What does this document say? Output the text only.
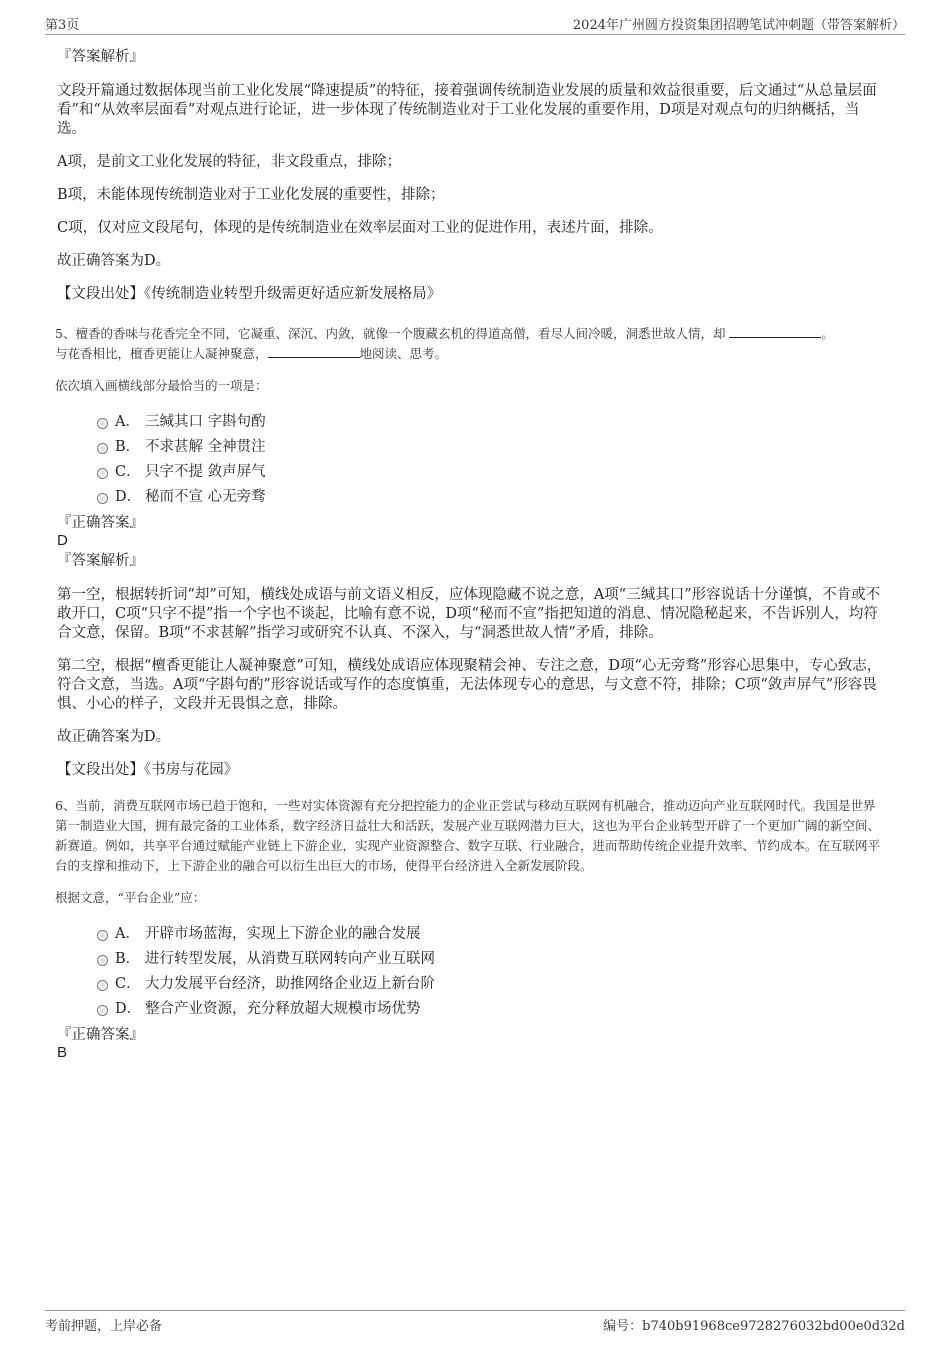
第3页	2024年广州圆方投资集团招聘笔试冲刺题（带答案解析）

『答案解析』

文段开篇通过数据体现当前工业化发展“降速提质”的特征，接着强调传统制造业发展的质量和效益很重要，后文通过“从总量层面看”和“从效率层面看”对观点进行论证，进一步体现了传统制造业对于工业化发展的重要作用，D项是对观点句的归纳概括，当选。

A项，是前文工业化发展的特征，非文段重点，排除；

B项，未能体现传统制造业对于工业化发展的重要性，排除；

C项，仅对应文段尾句，体现的是传统制造业在效率层面对工业的促进作用，表述片面，排除。

故正确答案为D。

【文段出处】《传统制造业转型升级需更好适应新发展格局》

5、檀香的香味与花香完全不同，它凝重、深沉、内敛，就像一个腹藏玄机的得道高僧，看尽人间冷暖，洞悉世故人情，却	。
与花香相比，檀香更能让人凝神聚意，	地阅读、思考。

依次填入画横线部分最恰当的一项是：

A． 三缄其口 字斟句酌
B． 不求甚解 全神贯注
C． 只字不提 敛声屏气
D． 秘而不宣 心无旁骛

『正确答案』

D

『答案解析』

第一空，根据转折词“却”可知，横线处成语与前文语义相反，应体现隐藏不说之意，A项“三缄其口”形容说话十分谨慎，不肯或不敢开口，C项“只字不提”指一个字也不谈起，比喻有意不说，D项“秘而不宣”指把知道的消息、情况隐秘起来，不告诉别人，均符合文意，保留。B项“不求甚解”指学习或研究不认真、不深入，与“洞悉世故人情”矛盾，排除。

第二空，根据“檀香更能让人凝神聚意”可知，横线处成语应体现聚精会神、专注之意，D项“心无旁骛”形容心思集中，专心致志，符合文意，当选。A项“字斟句酌”形容说话或写作的态度慎重，无法体现专心的意思，与文意不符，排除；C项“敛声屏气”形容畏惧、小心的样子，文段并无畏惧之意，排除。

故正确答案为D。

【文段出处】《书房与花园》

6、当前，消费互联网市场已趋于饱和，一些对实体资源有充分把控能力的企业正尝试与移动互联网有机融合，推动迈向产业互联网时代。我国是世界第一制造业大国，拥有最完备的工业体系，数字经济日益壮大和活跃，发展产业互联网潜力巨大，这也为平台企业转型开辟了一个更加广阔的新空间、新赛道。例如，共享平台通过赋能产业链上下游企业，实现产业资源整合、数字互联、行业融合，进而帮助传统企业提升效率、节约成本。在互联网平台的支撑和推动下，上下游企业的融合可以衍生出巨大的市场，使得平台经济进入全新发展阶段。

根据文意，“平台企业”应：

A． 开辟市场蓝海，实现上下游企业的融合发展
B． 进行转型发展，从消费互联网转向产业互联网
C． 大力发展平台经济，助推网络企业迈上新台阶
D． 整合产业资源，充分释放超大规模市场优势

『正确答案』

B

考前押题，上岸必备	编号：b740b91968ce9728276032bd00e0d32d
